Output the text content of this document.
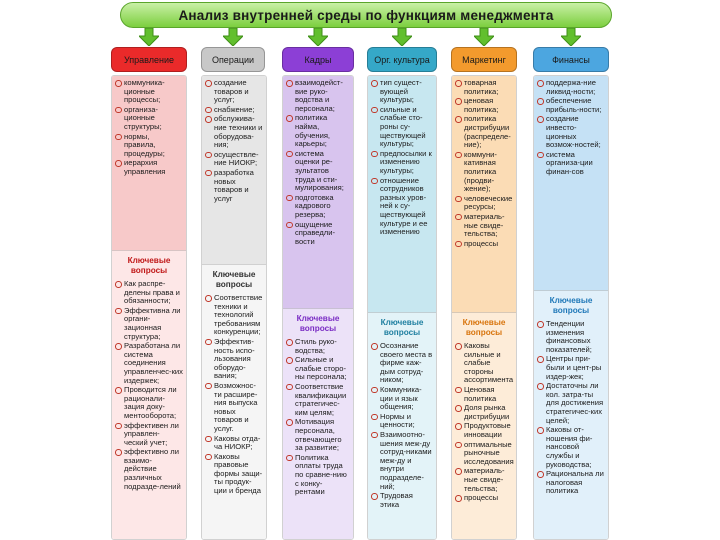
Анализ внутренней среды по функциям менеджмента
Управление
коммуника-ционные процессы;
организа-ционные структуры;
нормы, правила, процедуры;
иерархия управления
Ключевые вопросы
Как распре-делены права и обязанности;
Эффективна ли органи-зационная структура;
Разработана ли система соединения управленчес-ких издержек;
Проводится ли рационали-зация доку-ментооборота;
эффективен ли управлен-ческий учет;
эффективно ли взаимо-действие различных подразде-лений
Операции
создание товаров и услуг;
снабжение;
обслужива-ние техники и оборудова-ния;
осуществле-ние НИОКР;
разработка новых товаров и услуг
Ключевые вопросы
Соответствие техники и технологий требованиям конкуренции;
Эффектив-ность испо-льзования оборудо-вания;
Возможнос-ти расшире-ния выпуска новых товаров и услуг.
Каковы отда-ча НИОКР;
Каковы правовые формы защи-ты продук-ции и бренда
Кадры
взаимодейст-вие руко-водства и персонала;
политика найма, обучения, карьеры;
система оценки ре-зультатов труда и сти-мулирования;
подготовка кадрового резерва;
ощущение справедли-вости
Ключевые вопросы
Стиль руко-водства;
Сильные и слабые сторо-ны персонала;
Соответствие квалификации стратегичес-ким целям;
Мотивация персонала, отвечающего за развитие;
Политика оплаты труда по сравне-нию с конку-рентами
Орг. культура
тип сущест-вующей культуры;
сильные и слабые сто-роны су-ществующей культуры;
предпосылки к изменению культуры;
отношение сотрудников разных уров-ней к су-ществующей культуре и ее изменению
Ключевые вопросы
Осознание своего места в фирме каж-дым сотруд-ником;
Коммуника-ции и язык общения;
Нормы и ценности;
Взаимоотно-шения меж-ду сотруд-никами меж-ду и внутри подразделе-ний;
Трудовая этика
Маркетинг
товарная политика;
ценовая политика;
политика дистрибуции (распределе-ние);
коммуни-кативная политика (продви-жение);
человеческие ресурсы;
материаль-ные свиде-тельства;
процессы
Ключевые вопросы
Каковы сильные и слабые стороны ассортимента
Ценовая политика
Доля рынка дистрибуции
Продуктовые инновации
оптимальные рыночные исследования
материаль-ные свиде-тельства;
процессы
Финансы
поддержа-ние ликвид-ности;
обеспечение прибыль-ности;
создание инвесто-ционных возмож-ностей;
система организа-ции финан-сов
Ключевые вопросы
Тенденции изменения финансовых показателей;
Центры при-были и цент-ры издер-жек;
Достаточны ли кол. затра-ты для достижения стратегичес-ких целей;
Каковы от-ношения фи-нансовой службы и руководства;
Рациональна ли налоговая политика
